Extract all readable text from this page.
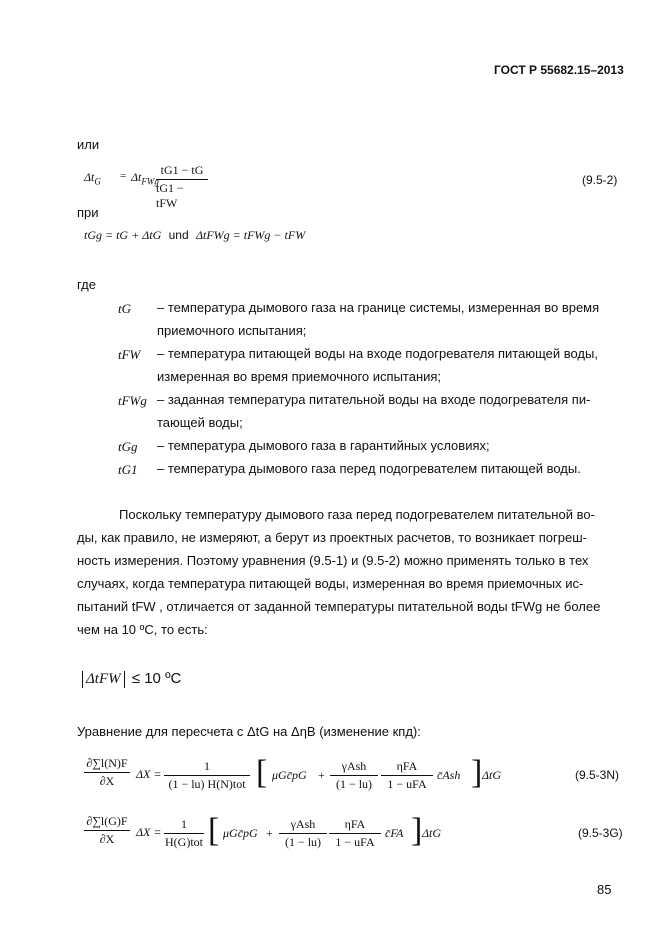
ГОСТ Р 55682.15–2013
или
$\Delta t_G = \Delta t_{FWg}$
tG1 − tG
tG1 − tFW
(9.5-2)
при
tGg = tG + ΔtG und ΔtFWg = tFWg − tFW
где
tG – температура дымового газа на границе системы, измеренная во время
приемочного испытания;
tFW – температура питающей воды на входе подогревателя питающей воды,
измеренная во время приемочного испытания;
tFWg – заданная температура питательной воды на входе подогревателя пи-
тающей воды;
tGg – температура дымового газа в гарантийных условиях;
tG1 – температура дымового газа перед подогревателем питающей воды.
Поскольку температуру дымового газа перед подогревателем питательной во-
ды, как правило, не измеряют, а берут из проектных расчетов, то возникает погреш-
ность измерения. Поэтому уравнения (9.5-1) и (9.5-2) можно применять только в тех
случаях, когда температура питающей воды, измеренная во время приемочных ис-
пытаний tFW , отличается от заданной температуры питательной воды tFWg не более
чем на 10 ºC, то есть:
ΔtFW ≤ 10 ºC
Уравнение для пересчета с ΔtG на ΔηB (изменение кпд):
∂∑l(N)F
∂X ΔX =
1
(1 − lu) H(N)tot [ μGc̄pG +
γAsh
(1 − lu)
ηFA
1 − uFA
c̄Ash ] ΔtG	(9.5-3N)
∂∑l(G)F
∂X ΔX =
1
H(G)tot [ μGc̄pG +
γAsh
(1 − lu)
ηFA
1 − uFA
c̄FA ] ΔtG	(9.5-3G)
85
